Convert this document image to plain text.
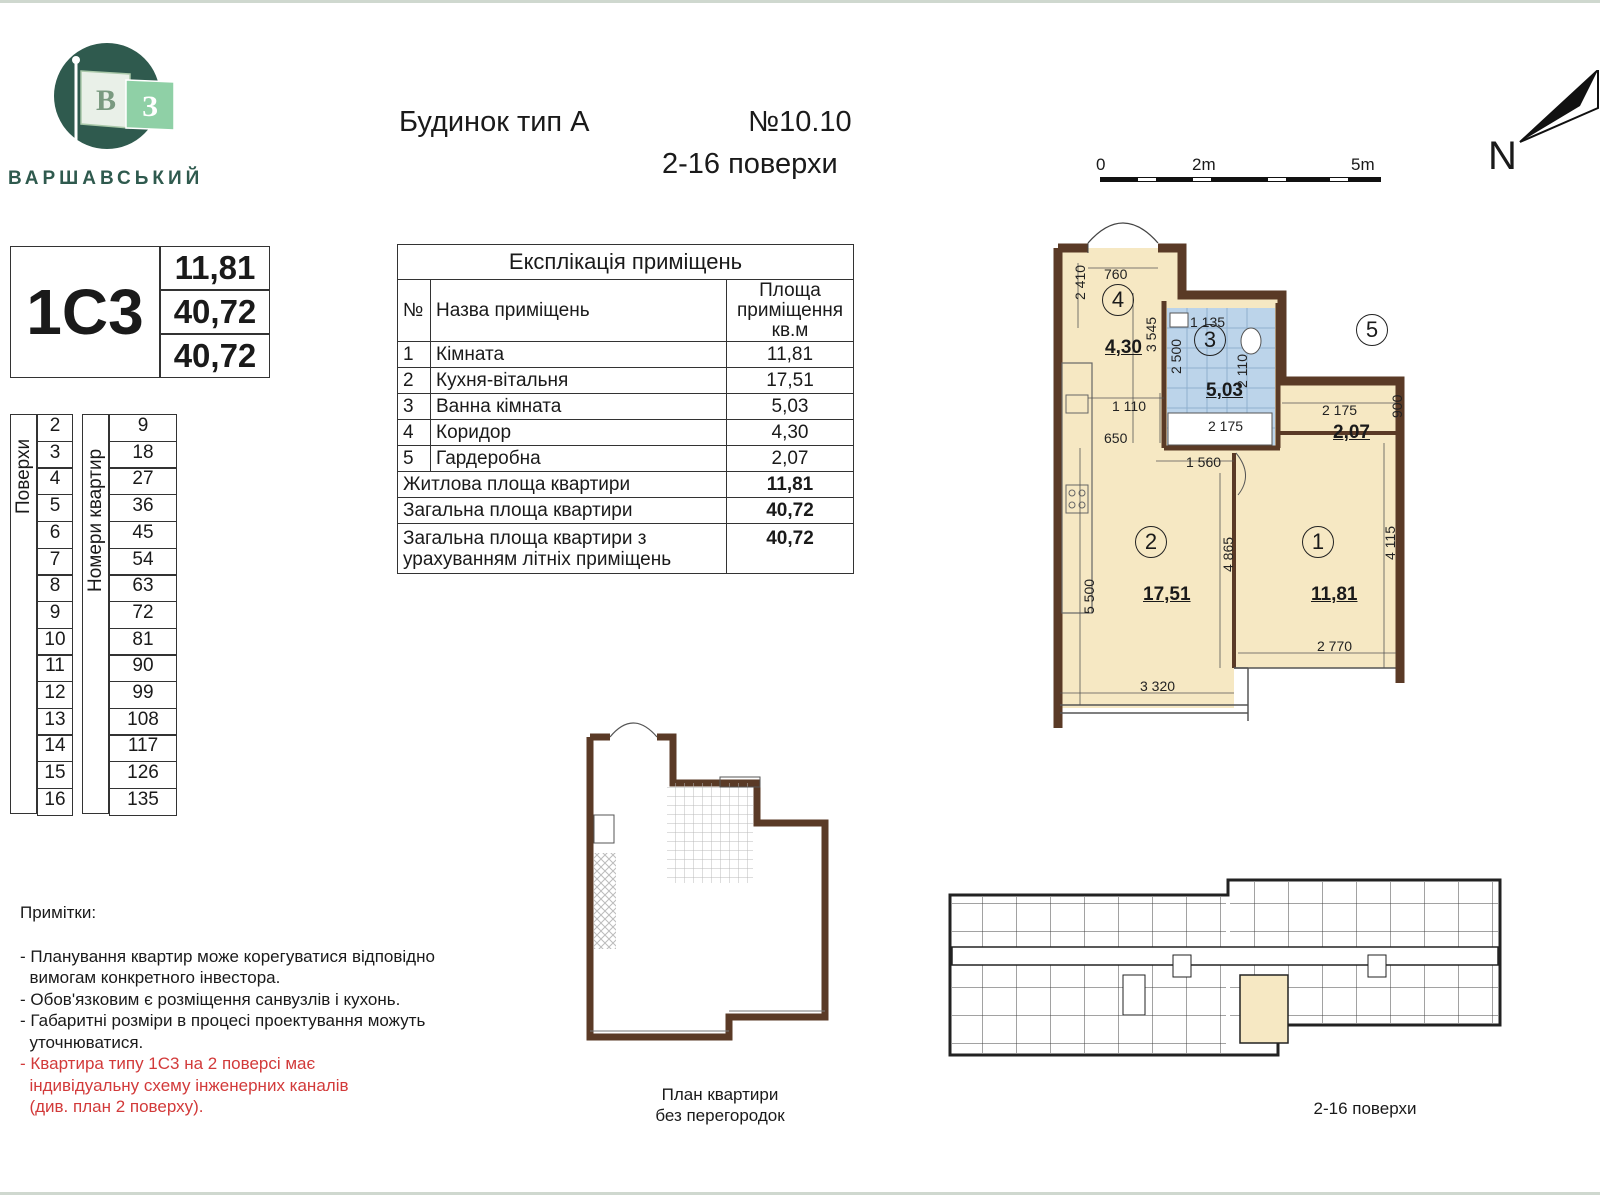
В З
ВАРШАВСЬКИЙ
Будинок тип А	№10.10
2-16 поверхи	0	2m	5m	N
1С3
11,81
40,72
40,72
Експлікація приміщень		
№	Назва приміщень	Площа приміщення кв.м
1	Кімната	11,81
2	Кухня-вітальня	17,51
3	Ванна кімната	5,03
4	Коридор	4,30
5	Гардеробна	2,07
Житлова площа квартири		11,81
Загальна площа квартири		40,72
Загальна площа квартири з урахуванням літніх приміщень		40,72
Поверхи	Номери квартир
2	9
3	18
4	27
5	36
6	45
7	54
8	63
9	72
10	81
11	90
12	99
13	108
14	117
15	126
16	135
Примітки:
- Планування квартир може корегуватися відповідно
вимогам конкретного інвестора.
- Обов'язковим є розміщення санвузлів і кухонь.
- Габаритні розміри в процесі проектування можуть
уточнюватися.
- Квартира типу 1С3 на 2 поверсі має
індивідуальну схему інженерних каналів
(див. план 2 поверху).
План квартири
без перегородок	2-16 поверхи
1
11,81
2
17,51
3
5,03
4
4,30
5
2,07
760
2 410
1 135
3 545
2 500
1 110
2 110
2 175
2 175
900
650
1 560
4 865	4 115
5 500
2 770
3 320
